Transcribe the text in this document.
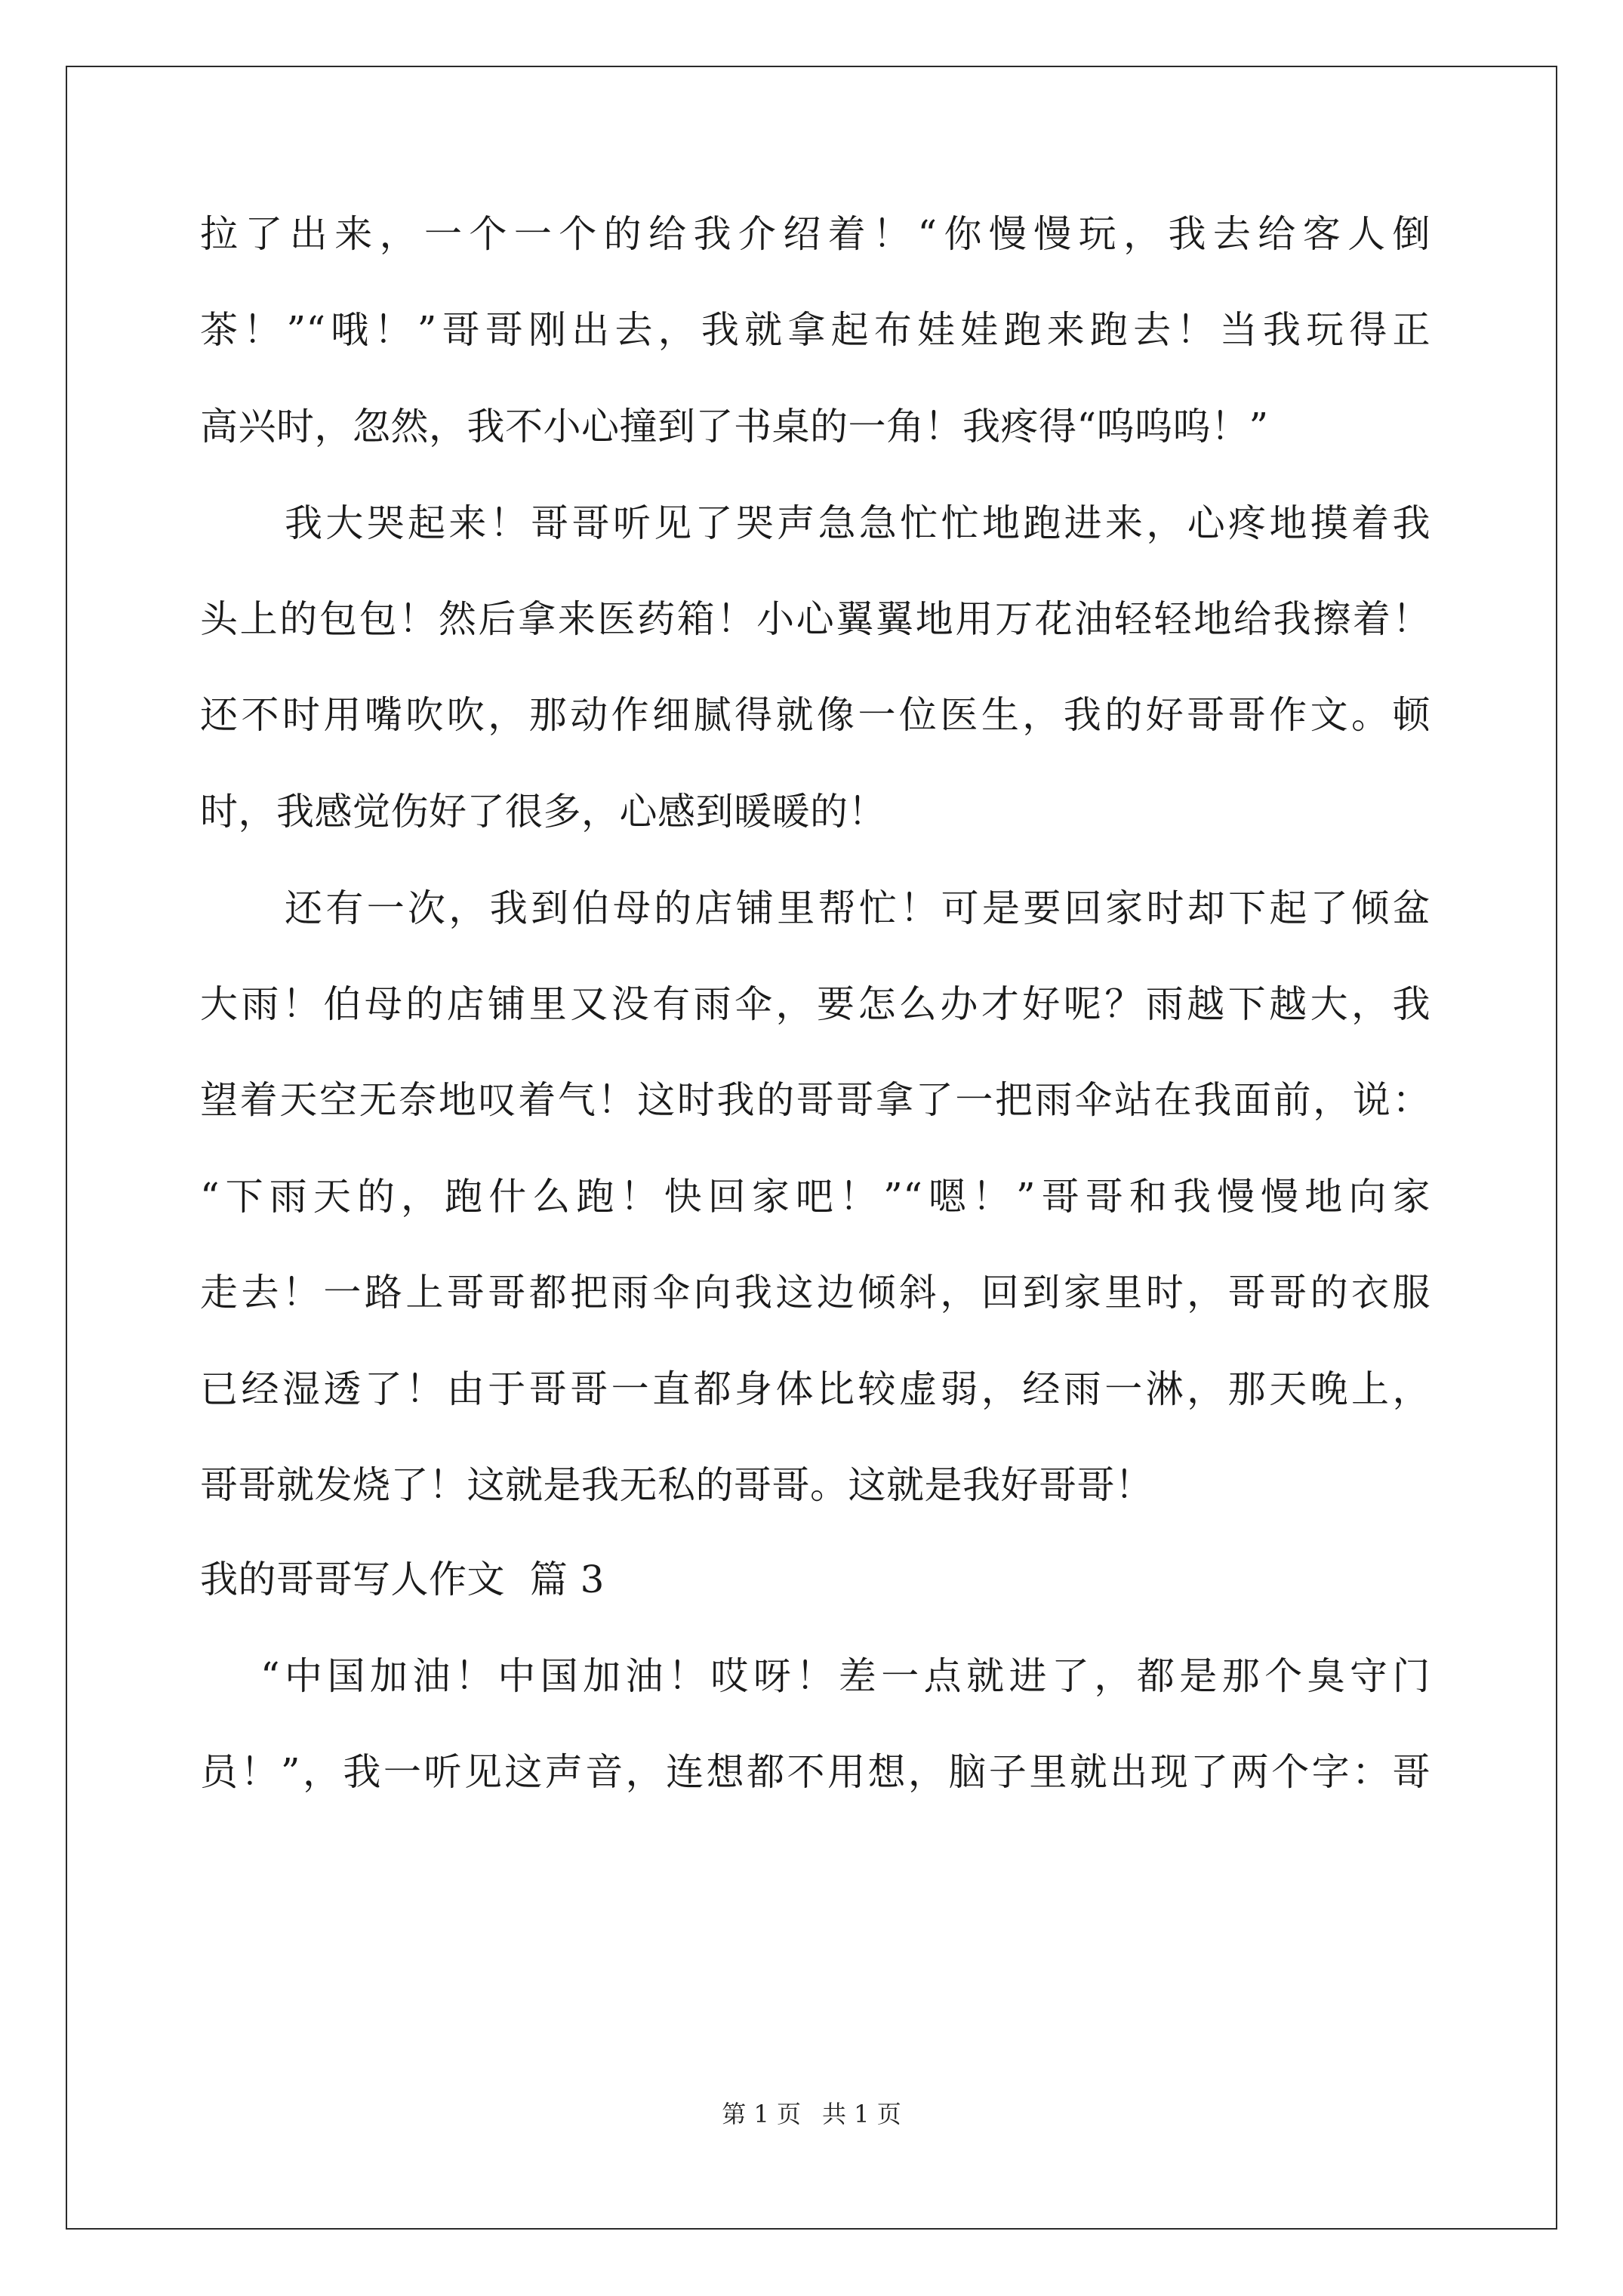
拉了出来，一个一个的给我介绍着！“你慢慢玩，我去给客人倒
茶！”“哦！”哥哥刚出去，我就拿起布娃娃跑来跑去！当我玩得正
高兴时，忽然，我不小心撞到了书桌的一角！我疼得“呜呜呜！”
我大哭起来！哥哥听见了哭声急急忙忙地跑进来，心疼地摸着我
头上的包包！然后拿来医药箱！小心翼翼地用万花油轻轻地给我擦着！
还不时用嘴吹吹，那动作细腻得就像一位医生，我的好哥哥作文。顿
时，我感觉伤好了很多，心感到暖暖的！
还有一次，我到伯母的店铺里帮忙！可是要回家时却下起了倾盆
大雨！伯母的店铺里又没有雨伞，要怎么办才好呢？雨越下越大，我
望着天空无奈地叹着气！这时我的哥哥拿了一把雨伞站在我面前，说：
“下雨天的，跑什么跑！快回家吧！”“嗯！”哥哥和我慢慢地向家
走去！一路上哥哥都把雨伞向我这边倾斜，回到家里时，哥哥的衣服
已经湿透了！由于哥哥一直都身体比较虚弱，经雨一淋，那天晚上，
哥哥就发烧了！这就是我无私的哥哥。这就是我好哥哥！
我的哥哥写人作文  篇 3
“中国加油！中国加油！哎呀！差一点就进了，都是那个臭守门
员！”，我一听见这声音，连想都不用想，脑子里就出现了两个字：哥
第 1 页 共 1 页
